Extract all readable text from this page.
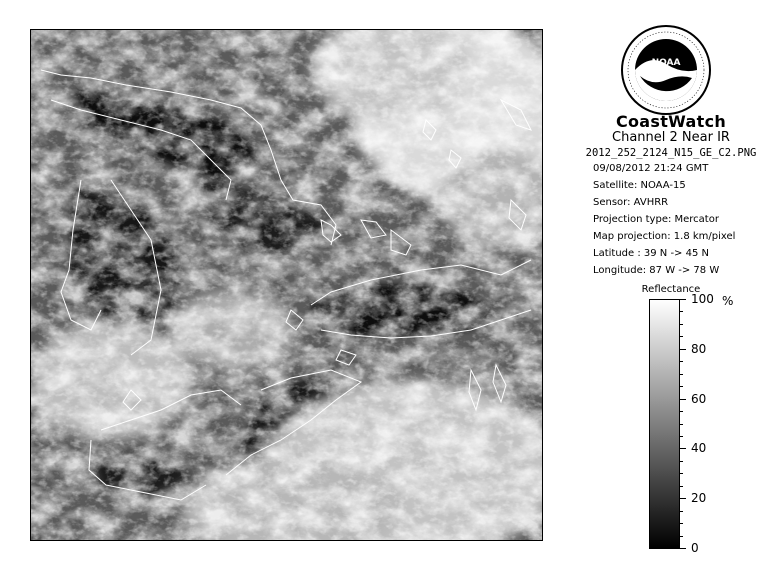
NOAA
CoastWatch
Channel 2 Near IR
2012_252_2124_N15_GE_C2.PNG
09/08/2012 21:24 GMT
Satellite: NOAA-15
Sensor: AVHRR
Projection type: Mercator
Map projection: 1.8 km/pixel
Latitude : 39 N -> 45 N
Longitude: 87 W -> 78 W
Reflectance
%
0
20
40
60
80
100
